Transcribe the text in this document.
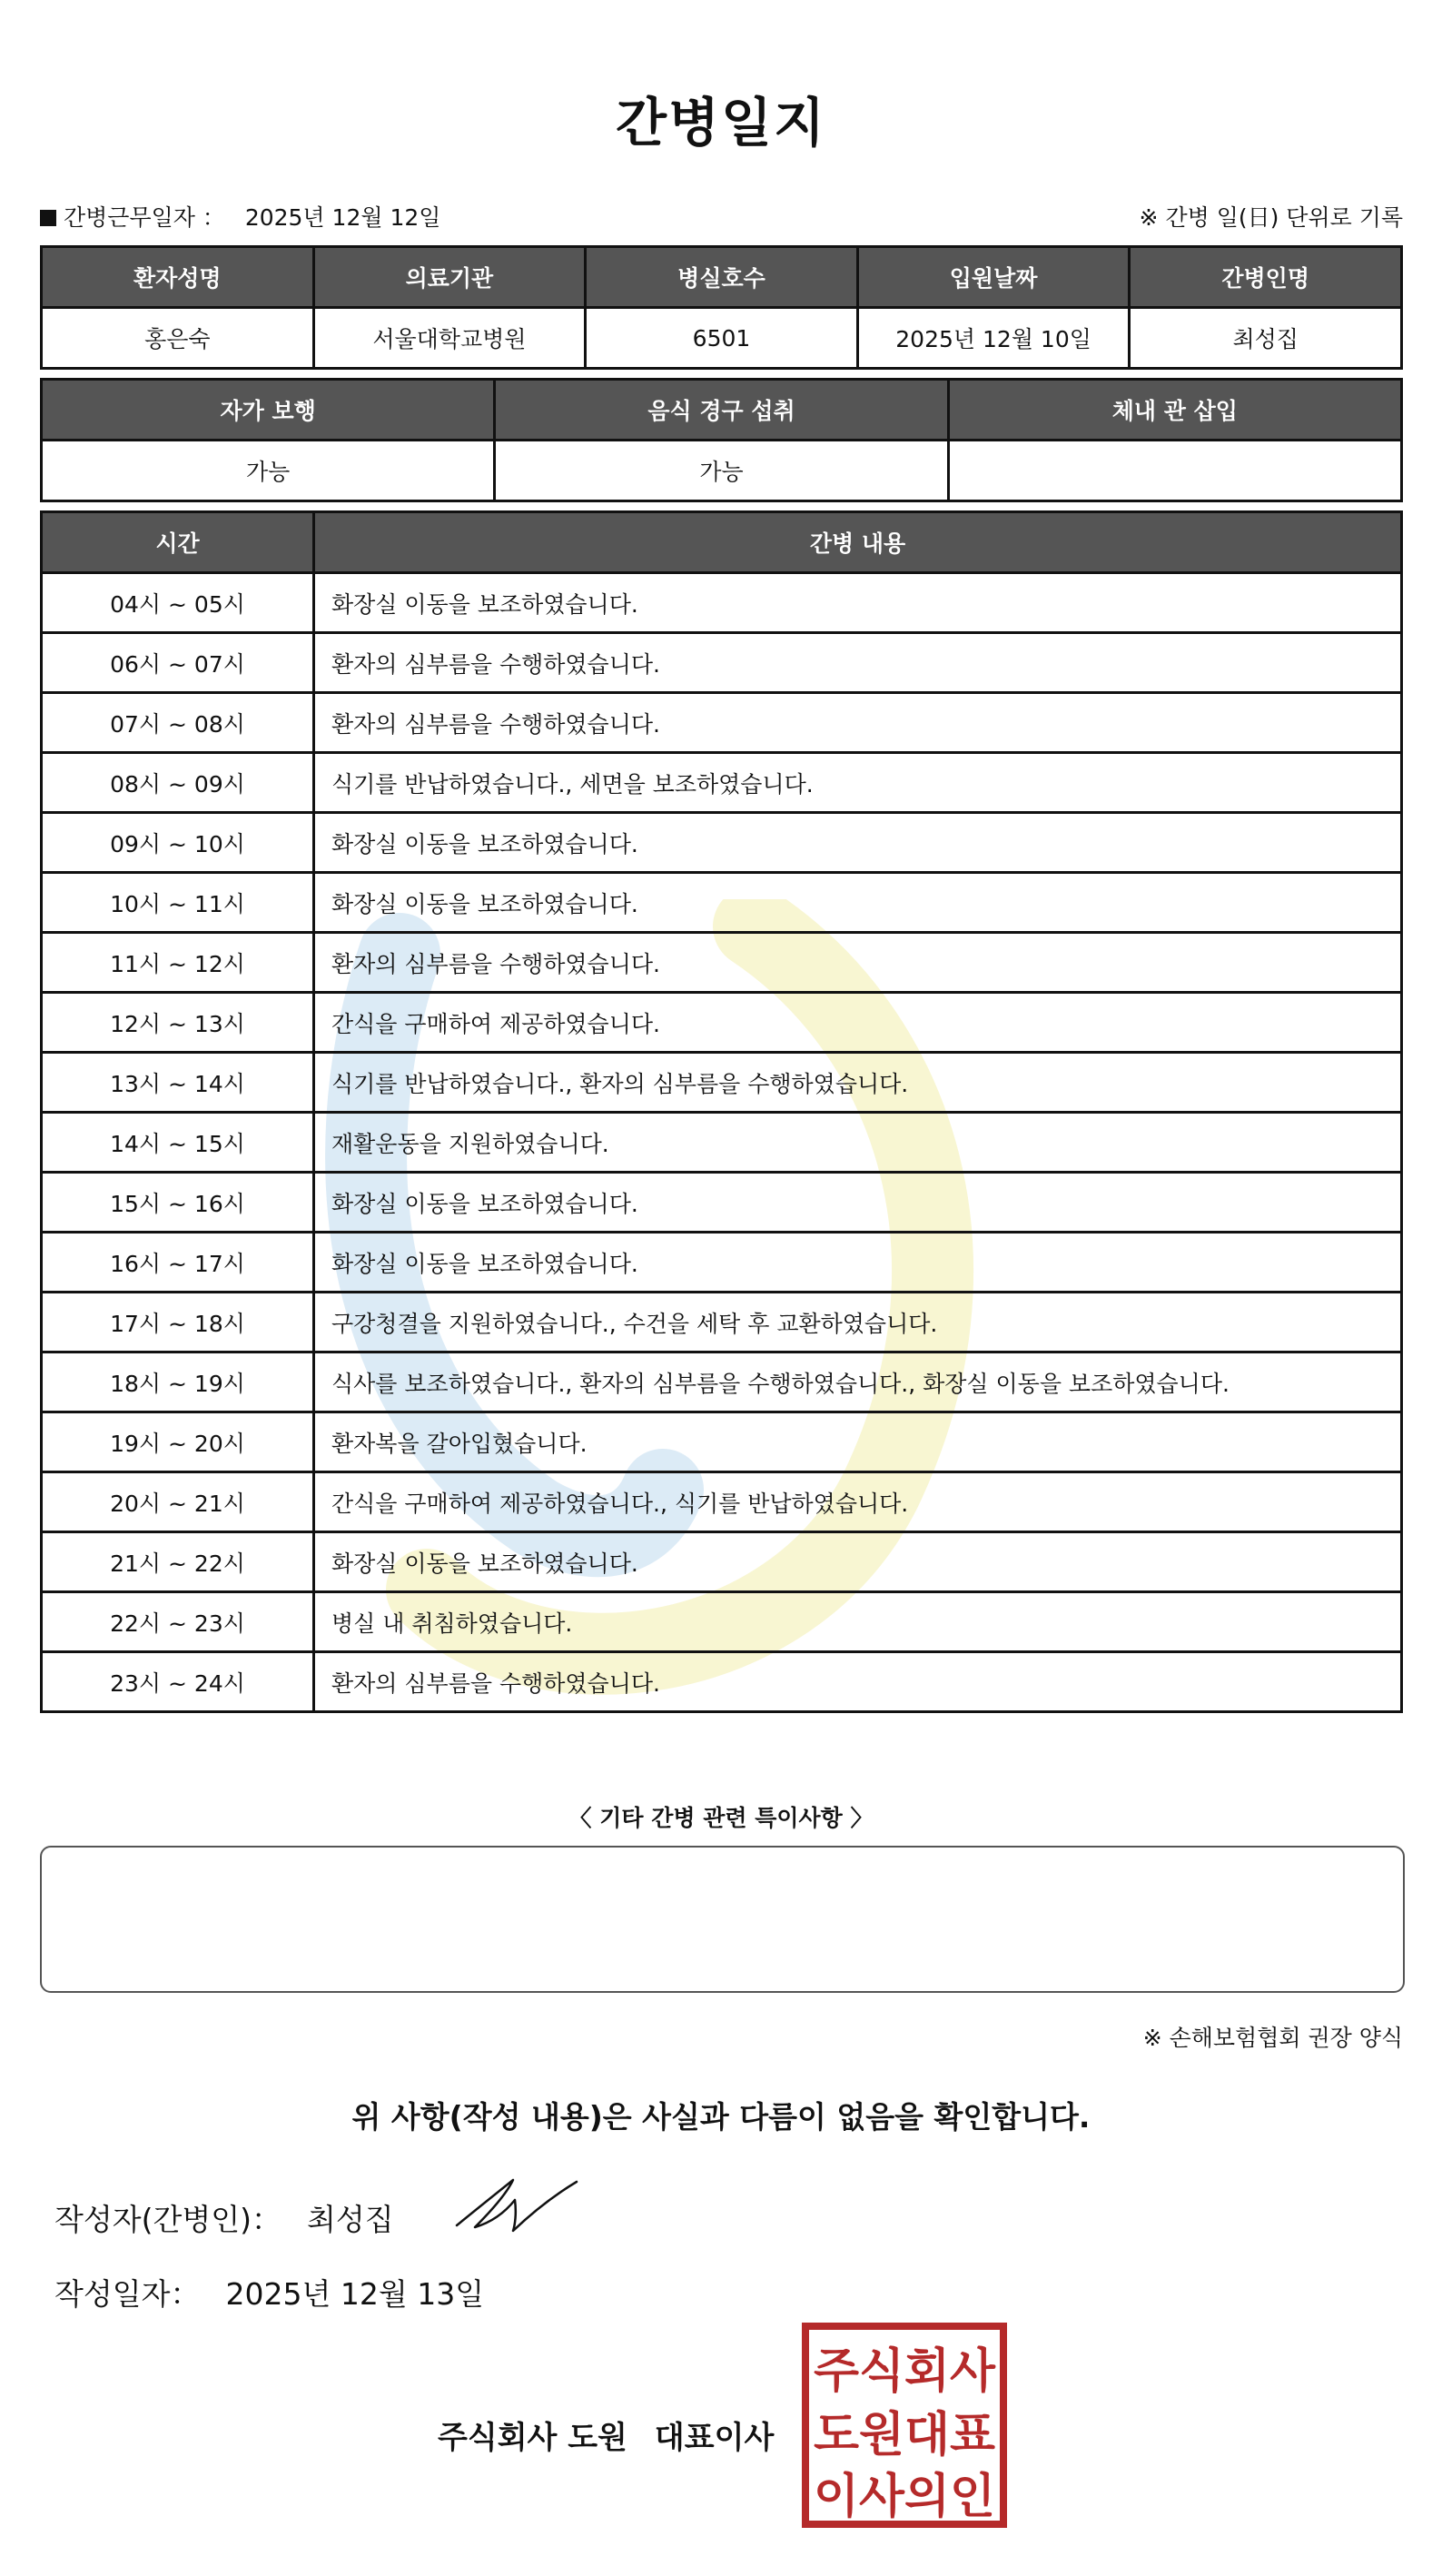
간병일지
간병근무일자 ： 2025년 12월 12일	※ 간병 일(日) 단위로 기록
환자성명	의료기관	병실호수	입원날짜	간병인명
홍은숙	서울대학교병원	6501	2025년 12월 10일	최성집
자가 보행	음식 경구 섭취	체내 관 삽입
가능	가능	
시간	간병 내용
04시 ~ 05시	화장실 이동을 보조하였습니다.
06시 ~ 07시	환자의 심부름을 수행하였습니다.
07시 ~ 08시	환자의 심부름을 수행하였습니다.
08시 ~ 09시	식기를 반납하였습니다., 세면을 보조하였습니다.
09시 ~ 10시	화장실 이동을 보조하였습니다.
10시 ~ 11시	화장실 이동을 보조하였습니다.
11시 ~ 12시	환자의 심부름을 수행하였습니다.
12시 ~ 13시	간식을 구매하여 제공하였습니다.
13시 ~ 14시	식기를 반납하였습니다., 환자의 심부름을 수행하였습니다.
14시 ~ 15시	재활운동을 지원하였습니다.
15시 ~ 16시	화장실 이동을 보조하였습니다.
16시 ~ 17시	화장실 이동을 보조하였습니다.
17시 ~ 18시	구강청결을 지원하였습니다., 수건을 세탁 후 교환하였습니다.
18시 ~ 19시	식사를 보조하였습니다., 환자의 심부름을 수행하였습니다., 화장실 이동을 보조하였습니다.
19시 ~ 20시	환자복을 갈아입혔습니다.
20시 ~ 21시	간식을 구매하여 제공하였습니다., 식기를 반납하였습니다.
21시 ~ 22시	화장실 이동을 보조하였습니다.
22시 ~ 23시	병실 내 취침하였습니다.
23시 ~ 24시	환자의 심부름을 수행하였습니다.
〈 기타 간병 관련 특이사항 〉
※ 손해보험협회 권장 양식
위 사항(작성 내용)은 사실과 다름이 없음을 확인합니다.
작성자(간병인)： 최성집
작성일자： 2025년 12월 13일
주식회사 도원 대표이사
주식회사
도원대표
이사의인
